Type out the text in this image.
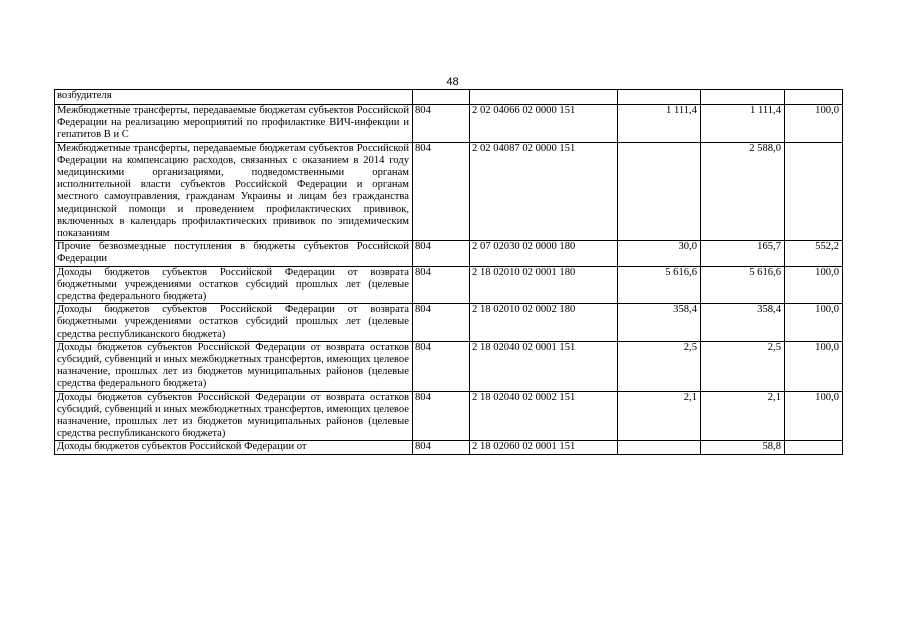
48
возбудителя					
Межбюджетные трансферты, передаваемые бюджетам субъектов Российской Федерации на реализацию мероприятий по профилактике ВИЧ-инфекции и гепатитов В и С	804	2 02 04066 02 0000 151	1 111,4	1 111,4	100,0
Межбюджетные трансферты, передаваемые бюджетам субъектов Российской Федерации на компенсацию расходов, связанных с оказанием в 2014 году медицинскими организациями, подведомственными органам исполнительной власти субъектов Российской Федерации и органам местного самоуправления, гражданам Украины и лицам без гражданства медицинской помощи и проведением профилактических прививок, включенных в календарь профилактических прививок по эпидемическим показаниям	804	2 02 04087 02 0000 151		2 588,0	
Прочие безвозмездные поступления в бюджеты субъектов Российской Федерации	804	2 07 02030 02 0000 180	30,0	165,7	552,2
Доходы бюджетов субъектов Российской Федерации от возврата бюджетными учреждениями остатков субсидий прошлых лет (целевые средства федерального бюджета)	804	2 18 02010 02 0001 180	5 616,6	5 616,6	100,0
Доходы бюджетов субъектов Российской Федерации от возврата бюджетными учреждениями остатков субсидий прошлых лет (целевые средства республиканского бюджета)	804	2 18 02010 02 0002 180	358,4	358,4	100,0
Доходы бюджетов субъектов Российской Федерации от возврата остатков субсидий, субвенций и иных межбюджетных трансфертов, имеющих целевое назначение, прошлых лет из бюджетов муниципальных районов (целевые средства федерального бюджета)	804	2 18 02040 02 0001 151	2,5	2,5	100,0
Доходы бюджетов субъектов Российской Федерации от возврата остатков субсидий, субвенций и иных межбюджетных трансфертов, имеющих целевое назначение, прошлых лет из бюджетов муниципальных районов (целевые средства республиканского бюджета)	804	2 18 02040 02 0002 151	2,1	2,1	100,0
Доходы бюджетов субъектов Российской Федерации от	804	2 18 02060 02 0001 151		58,8	
